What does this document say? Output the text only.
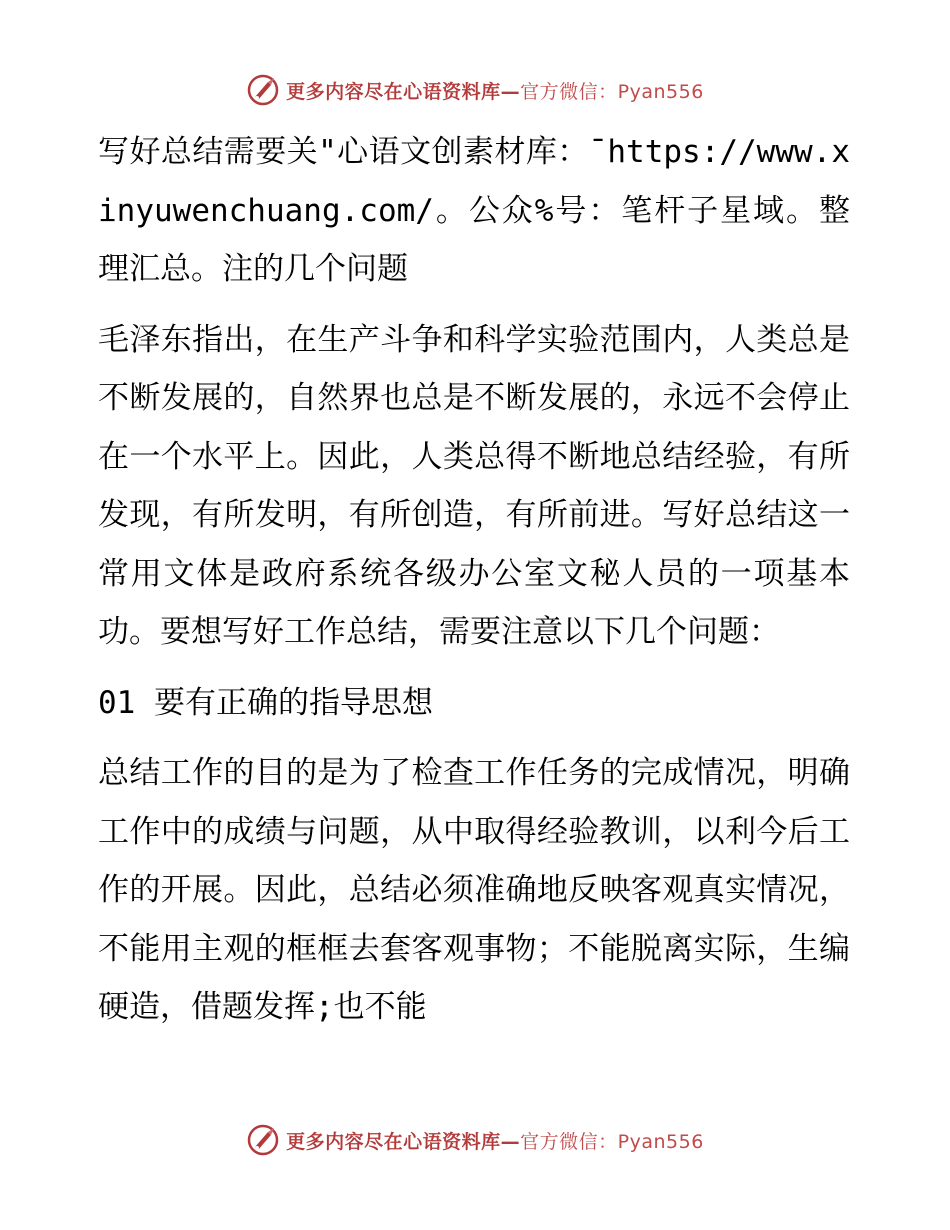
更多内容尽在心语资料库—官方微信：Pyan556

写好总结需要关"心语文创素材库：¯https://www.xinyuwenchuang.com/。公众%号：笔杆子星域。整理汇总。注的几个问题

毛泽东指出，在生产斗争和科学实验范围内，人类总是不断发展的，自然界也总是不断发展的，永远不会停止在一个水平上。因此，人类总得不断地总结经验，有所发现，有所发明，有所创造，有所前进。写好总结这一常用文体是政府系统各级办公室文秘人员的一项基本功。要想写好工作总结，需要注意以下几个问题：

01 要有正确的指导思想

总结工作的目的是为了检查工作任务的完成情况，明确工作中的成绩与问题，从中取得经验教训，以利今后工作的开展。因此，总结必须准确地反映客观真实情况，不能用主观的框框去套客观事物；不能脱离实际，生编硬造，借题发挥;也不能

更多内容尽在心语资料库—官方微信：Pyan556
